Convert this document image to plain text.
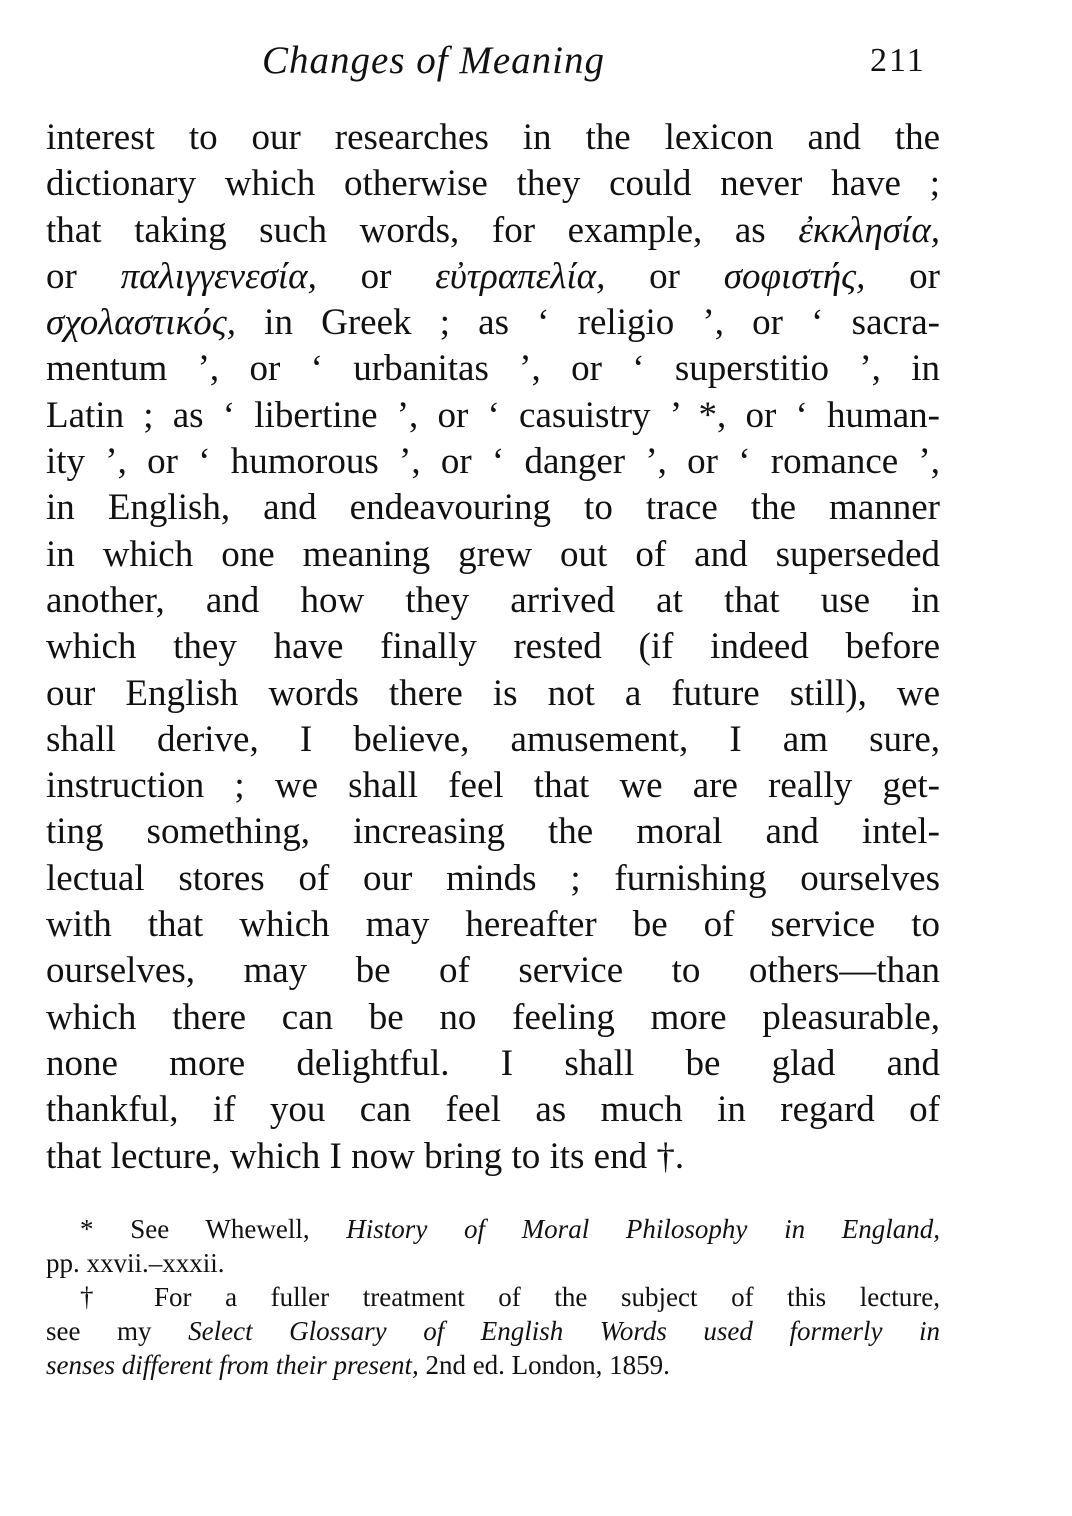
Changes of Meaning	211
interest to our researches in the lexicon and the
dictionary which otherwise they could never have ;
that taking such words, for example, as ἐκκλησία,
or παλιγγενεσία, or εὐτραπελία, or σοφιστής, or
σχολαστικός, in Greek ; as ‘ religio ’, or ‘ sacra-
mentum ’, or ‘ urbanitas ’, or ‘ superstitio ’, in
Latin ; as ‘ libertine ’, or ‘ casuistry ’ *, or ‘ human-
ity ’, or ‘ humorous ’, or ‘ danger ’, or ‘ romance ’,
in English, and endeavouring to trace the manner
in which one meaning grew out of and superseded
another, and how they arrived at that use in
which they have finally rested (if indeed before
our English words there is not a future still), we
shall derive, I believe, amusement, I am sure,
instruction ; we shall feel that we are really get-
ting something, increasing the moral and intel-
lectual stores of our minds ; furnishing ourselves
with that which may hereafter be of service to
ourselves, may be of service to others—than
which there can be no feeling more pleasurable,
none more delightful. I shall be glad and
thankful, if you can feel as much in regard of
that lecture, which I now bring to its end †.
* See Whewell, History of Moral Philosophy in England,
pp. xxvii.–xxxii.
† For a fuller treatment of the subject of this lecture,
see my Select Glossary of English Words used formerly in
senses different from their present, 2nd ed. London, 1859.
